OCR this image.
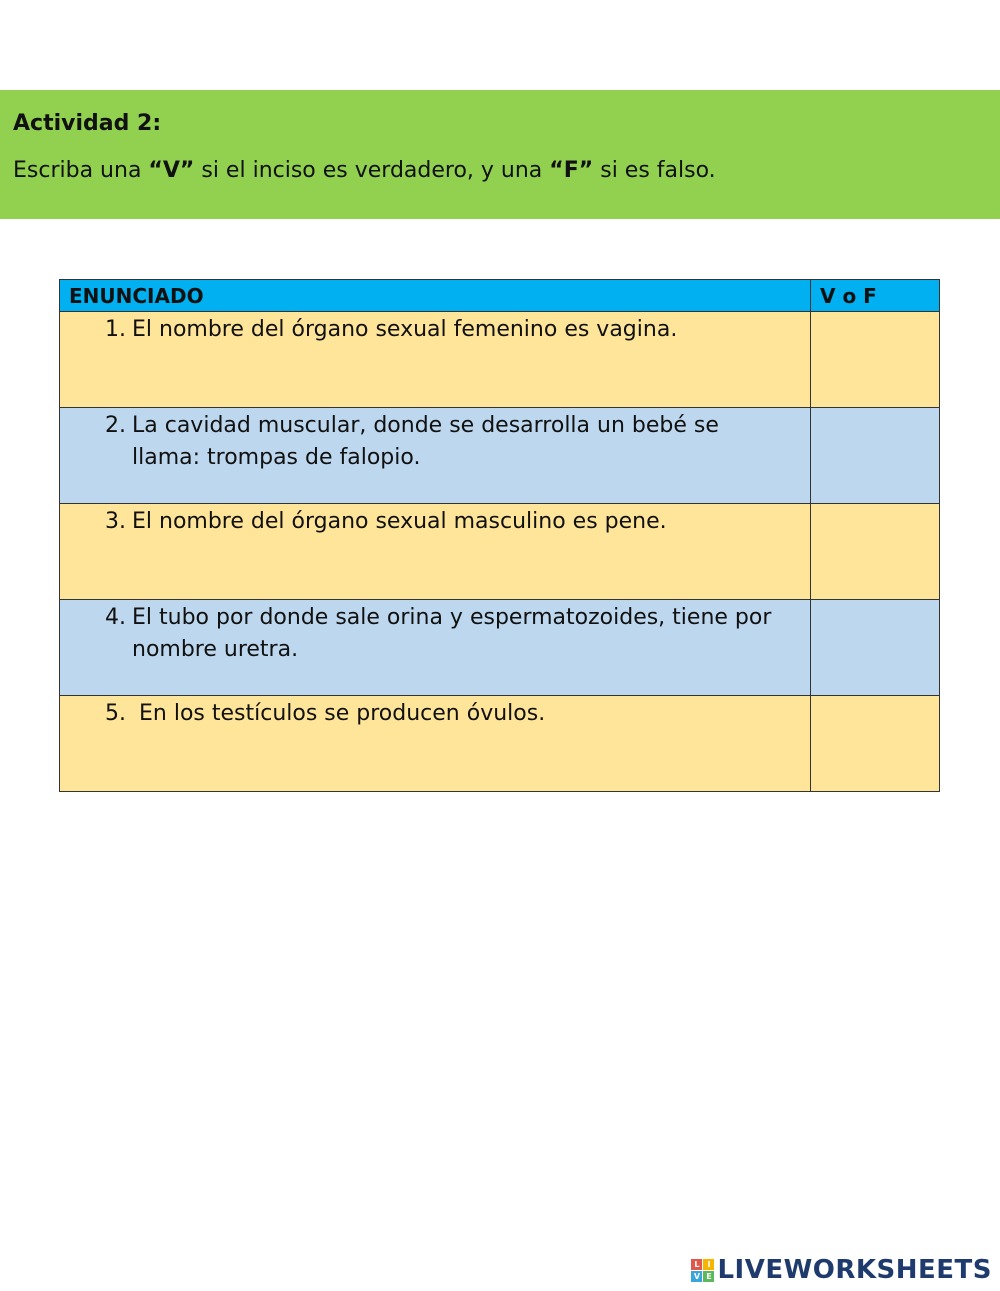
Actividad 2:
Escriba una “V” si el inciso es verdadero, y una “F” si es falso.
ENUNCIADO	V o F

1. El nombre del órgano sexual femenino es vagina.	

2. La cavidad muscular, donde se desarrolla un bebé se llama: trompas de falopio.	

3. El nombre del órgano sexual masculino es pene.	

4. El tubo por donde sale orina y espermatozoides, tiene por nombre uretra.	

5. En los testículos se producen óvulos.	

L I
V E LIVEWORKSHEETS
